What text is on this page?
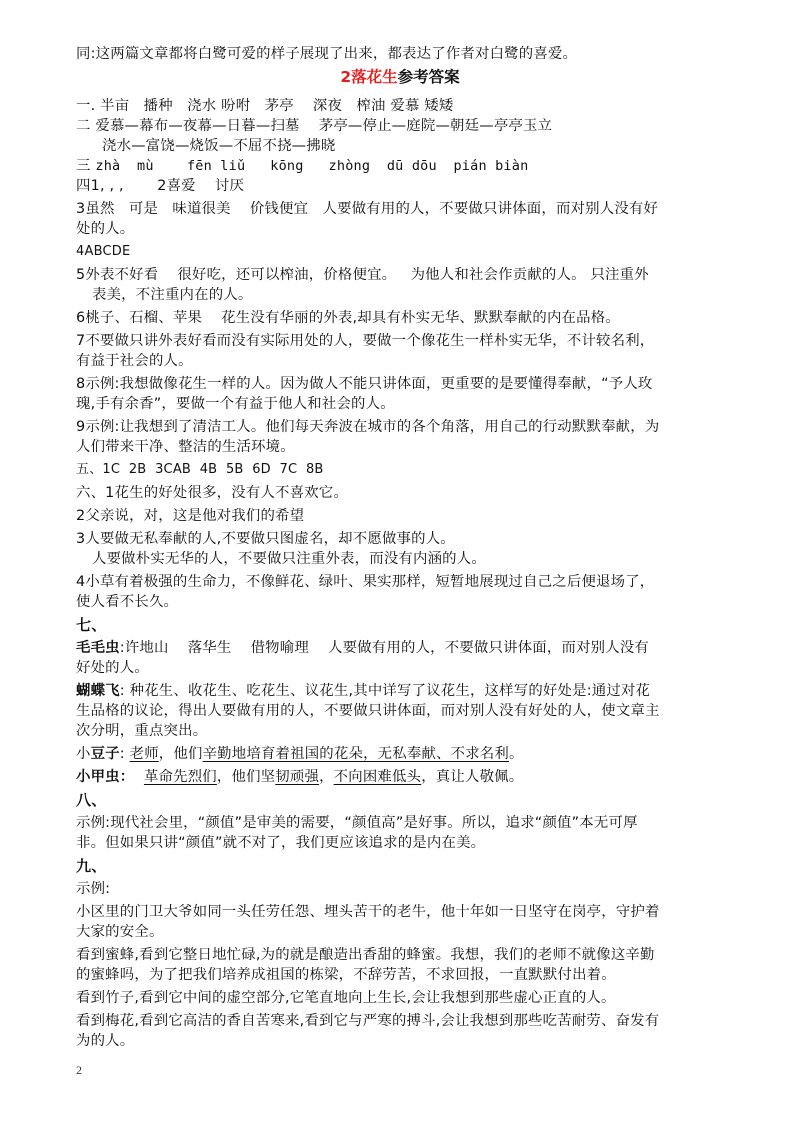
同:这两篇文章都将白鹭可爱的样子展现了出来，都表达了作者对白鹭的喜爱。

2落花生参考答案

一. 半亩   播种   浇水 吩咐   茅亭    深夜   榨油 爱慕 矮矮

二 爱慕—幕布—夜幕—日暮—扫墓    茅亭—停止—庭院—朝廷—亭亭玉立

浇水—富饶—烧饭—不屈不挠—拂晓

三 zhà  mù    fēn liǔ   kōng   zhòng  dū dōu  pián biàn

四1, , ,       2喜爱    讨厌

3虽然   可是   味道很美    价钱便宜   人要做有用的人，不要做只讲体面，而对别人没有好

处的人。

4ABCDE

5外表不好看    很好吃，还可以榨油，价格便宜。   为他人和社会作贡献的人。 只注重外

表美，不注重内在的人。

6桃子、石榴、苹果    花生没有华丽的外表,却具有朴实无华、默默奉献的内在品格。

7不要做只讲外表好看而没有实际用处的人，要做一个像花生一样朴实无华，不计较名利，

有益于社会的人。

8示例:我想做像花生一样的人。因为做人不能只讲体面，更重要的是要懂得奉献，“予人玫

瑰,手有余香”，要做一个有益于他人和社会的人。

9示例:让我想到了清洁工人。他们每天奔波在城市的各个角落，用自己的行动默默奉献，为

人们带来干净、整洁的生活环境。

五、1C  2B  3CAB  4B  5B  6D  7C  8B

六、1花生的好处很多，没有人不喜欢它。

2父亲说，对，这是他对我们的希望

3人要做无私奉献的人,不要做只图虚名，却不愿做事的人。

人要做朴实无华的人，不要做只注重外表，而没有内涵的人。

4小草有着极强的生命力，不像鲜花、绿叶、果实那样，短暂地展现过自己之后便退场了，

使人看不长久。

七、

毛毛虫:许地山    落华生    借物喻理    人要做有用的人，不要做只讲体面，而对别人没有

好处的人。

蝴蝶飞: 种花生、收花生、吃花生、议花生,其中详写了议花生，这样写的好处是:通过对花

生品格的议论，得出人要做有用的人，不要做只讲体面，而对别人没有好处的人，使文章主

次分明，重点突出。

小豆子: 老师，他们辛勤地培育着祖国的花朵，无私奉献、不求名利。

小甲虫： 革命先烈们，他们坚韧顽强，不向困难低头，真让人敬佩。

八、

示例:现代社会里，“颜值”是审美的需要，“颜值高”是好事。所以，追求“颜值”本无可厚

非。但如果只讲“颜值”就不对了，我们更应该追求的是内在美。

九、

示例:

小区里的门卫大爷如同一头任劳任怨、埋头苦干的老牛，他十年如一日坚守在岗亭，守护着

大家的安全。

看到蜜蜂,看到它整日地忙碌,为的就是酿造出香甜的蜂蜜。我想，我们的老师不就像这辛勤

的蜜蜂吗，为了把我们培养成祖国的栋梁，不辞劳苦，不求回报，一直默默付出着。

看到竹子,看到它中间的虚空部分,它笔直地向上生长,会让我想到那些虚心正直的人。

看到梅花,看到它高洁的香自苦寒来,看到它与严寒的搏斗,会让我想到那些吃苦耐劳、奋发有

为的人。

2
